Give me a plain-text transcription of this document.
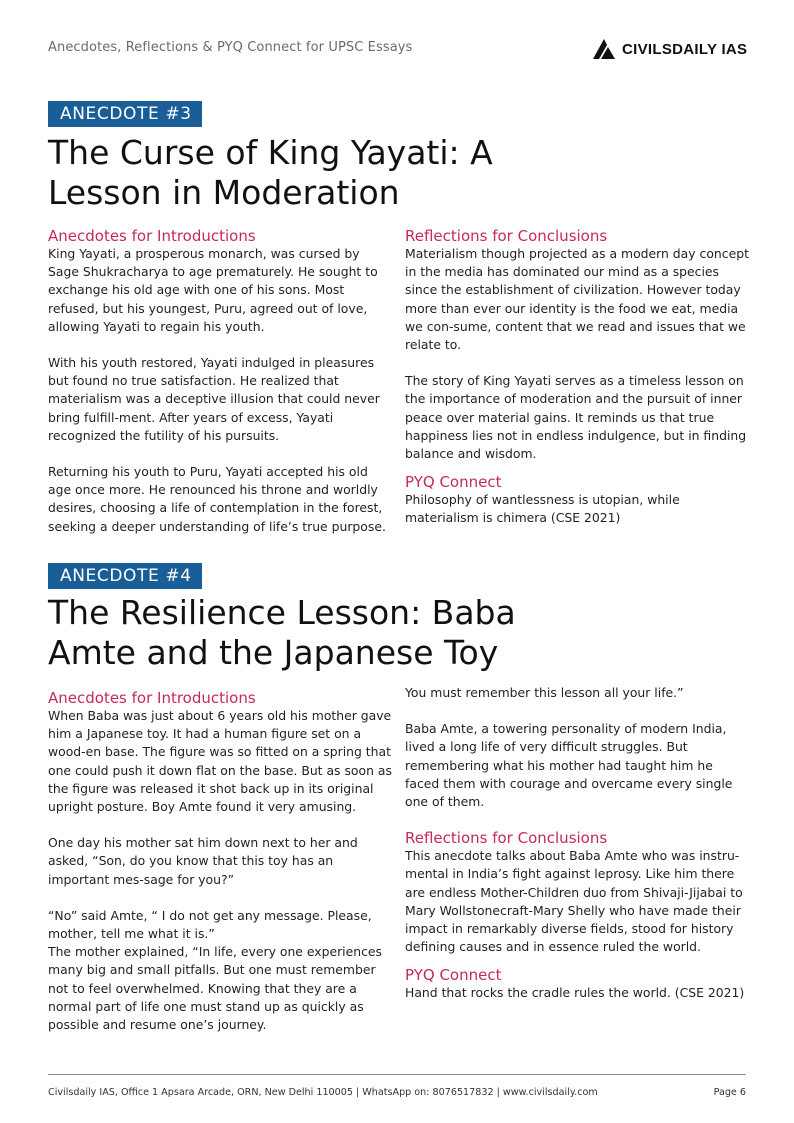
Anecdotes, Reflections & PYQ Connect for UPSC Essays	CIVILSDAILY IAS
ANECDOTE #3
The Curse of King Yayati: A
Lesson in Moderation
Anecdotes for Introductions

King Yayati, a prosperous monarch, was cursed by Sage Shukracharya to age prematurely. He sought to exchange his old age with one of his sons. Most refused, but his youngest, Puru, agreed out of love, allowing Yayati to regain his youth.

With his youth restored, Yayati indulged in pleasures but found no true satisfaction. He realized that materialism was a deceptive illusion that could never bring fulfill-ment. After years of excess, Yayati recognized the futility of his pursuits.

Returning his youth to Puru, Yayati accepted his old age once more. He renounced his throne and worldly desires, choosing a life of contemplation in the forest, seeking a deeper understanding of life’s true purpose.

Reflections for Conclusions

Materialism though projected as a modern day concept in the media has dominated our mind as a species since the establishment of civilization. However today more than ever our identity is the food we eat, media we con-sume, content that we read and issues that we relate to.

The story of King Yayati serves as a timeless lesson on the importance of moderation and the pursuit of inner peace over material gains. It reminds us that true happiness lies not in endless indulgence, but in finding balance and wisdom.

PYQ Connect

Philosophy of wantlessness is utopian, while materialism is chimera (CSE 2021)

ANECDOTE #4
The Resilience Lesson: Baba
Amte and the Japanese Toy
Anecdotes for Introductions

When Baba was just about 6 years old his mother gave him a Japanese toy. It had a human figure set on a wood-en base. The figure was so fitted on a spring that one could push it down flat on the base. But as soon as the figure was released it shot back up in its original upright posture. Boy Amte found it very amusing.

One day his mother sat him down next to her and asked, “Son, do you know that this toy has an important mes-sage for you?”

“No” said Amte, “ I do not get any message. Please, mother, tell me what it is.”

The mother explained, “In life, every one experiences many big and small pitfalls. But one must remember not to feel overwhelmed. Knowing that they are a normal part of life one must stand up as quickly as possible and resume one’s journey.

You must remember this lesson all your life.”

Baba Amte, a towering personality of modern India, lived a long life of very difficult struggles. But remembering what his mother had taught him he faced them with courage and overcame every single one of them.

Reflections for Conclusions

This anecdote talks about Baba Amte who was instru-mental in India’s fight against leprosy. Like him there are endless Mother-Children duo from Shivaji-Jijabai to Mary Wollstonecraft-Mary Shelly who have made their impact in remarkably diverse fields, stood for history defining causes and in essence ruled the world.

PYQ Connect

Hand that rocks the cradle rules the world. (CSE 2021)

Civilsdaily IAS, Office 1 Apsara Arcade, ORN, New Delhi 110005 | WhatsApp on: 8076517832 | www.civilsdaily.com	Page 6
